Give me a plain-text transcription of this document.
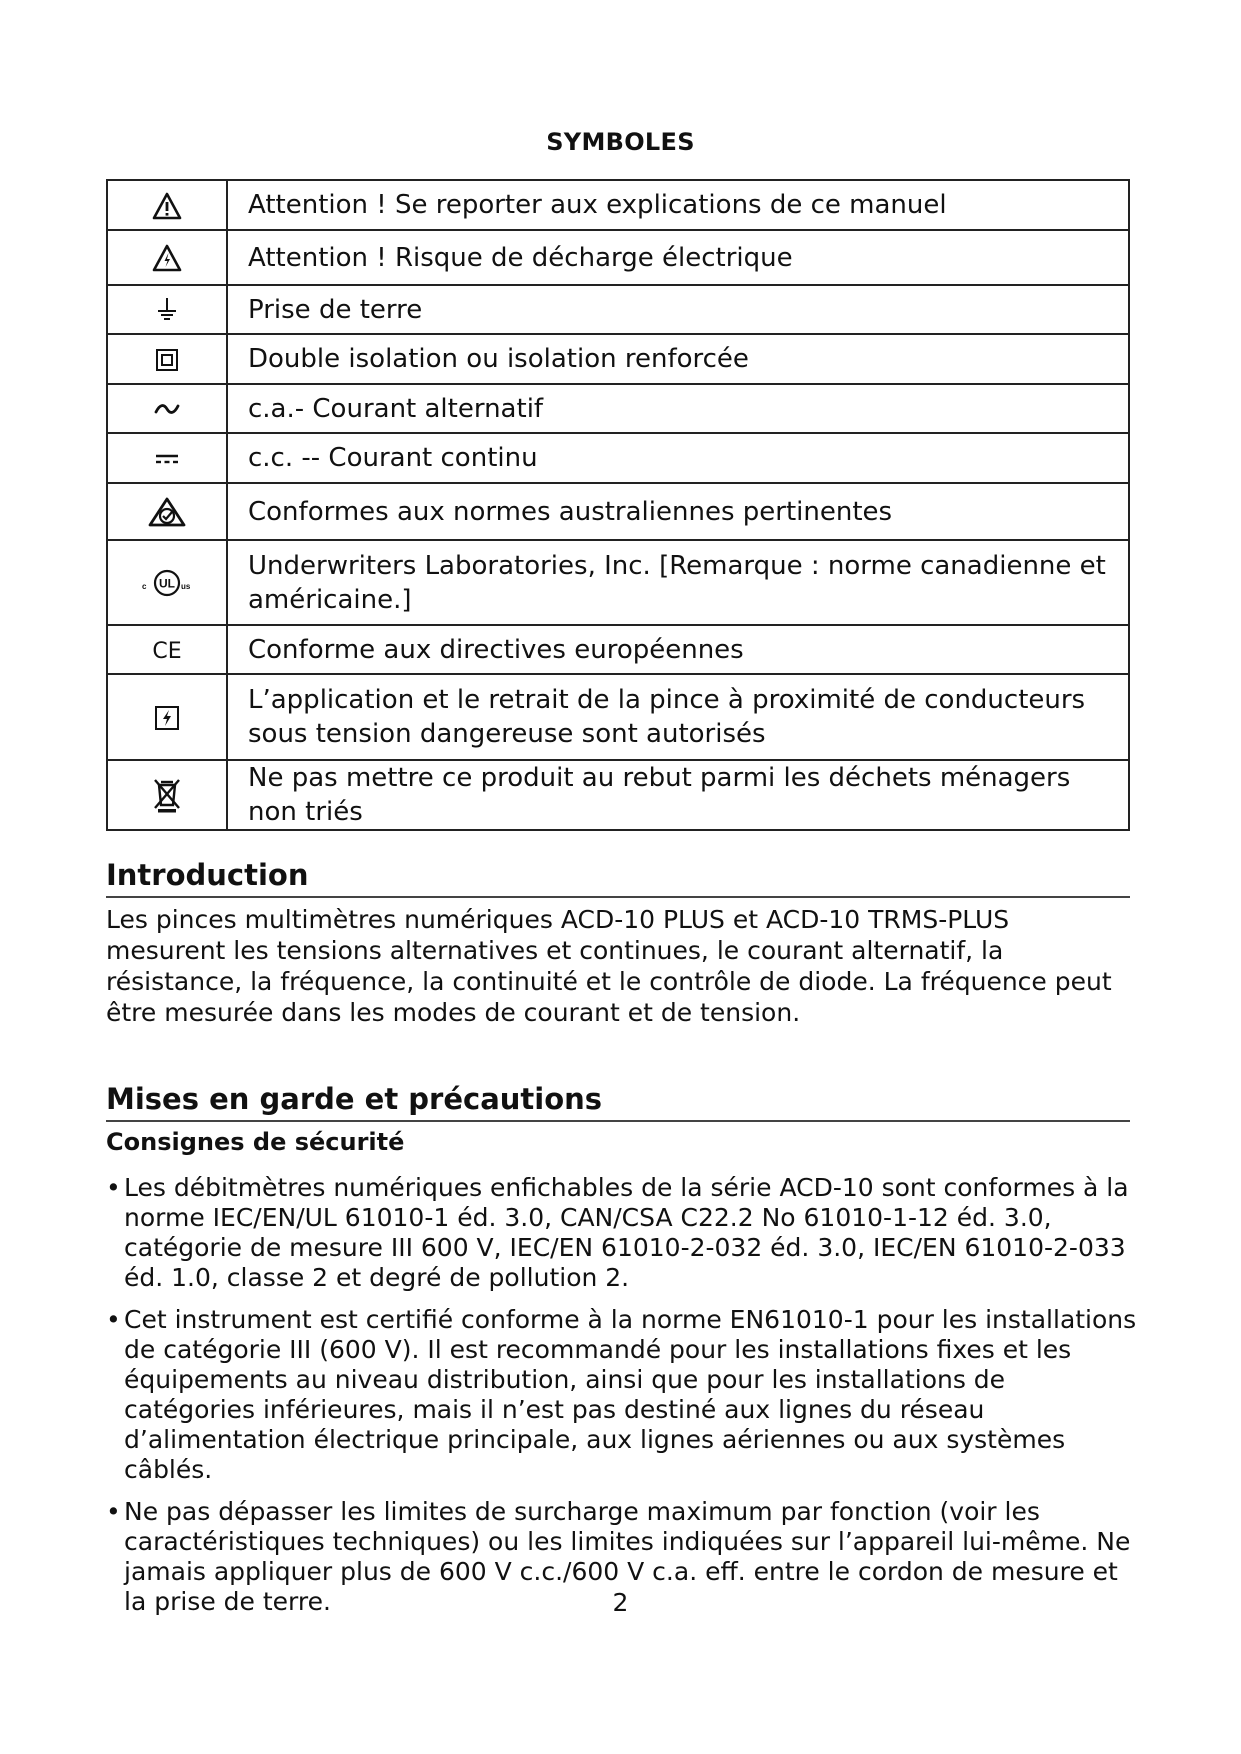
SYMBOLES
	Attention ! Se reporter aux explications de ce manuel
	Attention ! Risque de décharge électrique
	Prise de terre
	Double isolation ou isolation renforcée
	c.a.- Courant alternatif
	c.c. -- Courant continu
	Conformes aux normes australiennes pertinentes

c UL us	Underwriters Laboratories, Inc. [Remarque : norme canadienne et américaine.]

CE	Conforme aux directives européennes
	L’application et le retrait de la pince à proximité de conducteurs sous tension dangereuse sont autorisés
	Ne pas mettre ce produit au rebut parmi les déchets ménagers non triés
Introduction

Les pinces multimètres numériques ACD-10 PLUS et ACD-10 TRMS-PLUS mesurent les tensions alternatives et continues, le courant alternatif, la résistance, la fréquence, la continuité et le contrôle de diode. La fréquence peut être mesurée dans les modes de courant et de tension.

Mises en garde et précautions
Consignes de sécurité
• Les débitmètres numériques enfichables de la série ACD-10 sont conformes à la norme IEC/EN/UL 61010-1 éd. 3.0, CAN/CSA C22.2 No 61010-1-12 éd. 3.0, catégorie de mesure III 600 V, IEC/EN 61010-2-032 éd. 3.0, IEC/EN 61010-2-033 éd. 1.0, classe 2 et degré de pollution 2.
• Cet instrument est certifié conforme à la norme EN61010-1 pour les installations de catégorie III (600 V). Il est recommandé pour les installations fixes et les équipements au niveau distribution, ainsi que pour les installations de catégories inférieures, mais il n’est pas destiné aux lignes du réseau d’alimentation électrique principale, aux lignes aériennes ou aux systèmes câblés.
• Ne pas dépasser les limites de surcharge maximum par fonction (voir les caractéristiques techniques) ou les limites indiquées sur l’appareil lui-même. Ne jamais appliquer plus de 600 V c.c./600 V c.a. eff. entre le cordon de mesure et la prise de terre.	2
